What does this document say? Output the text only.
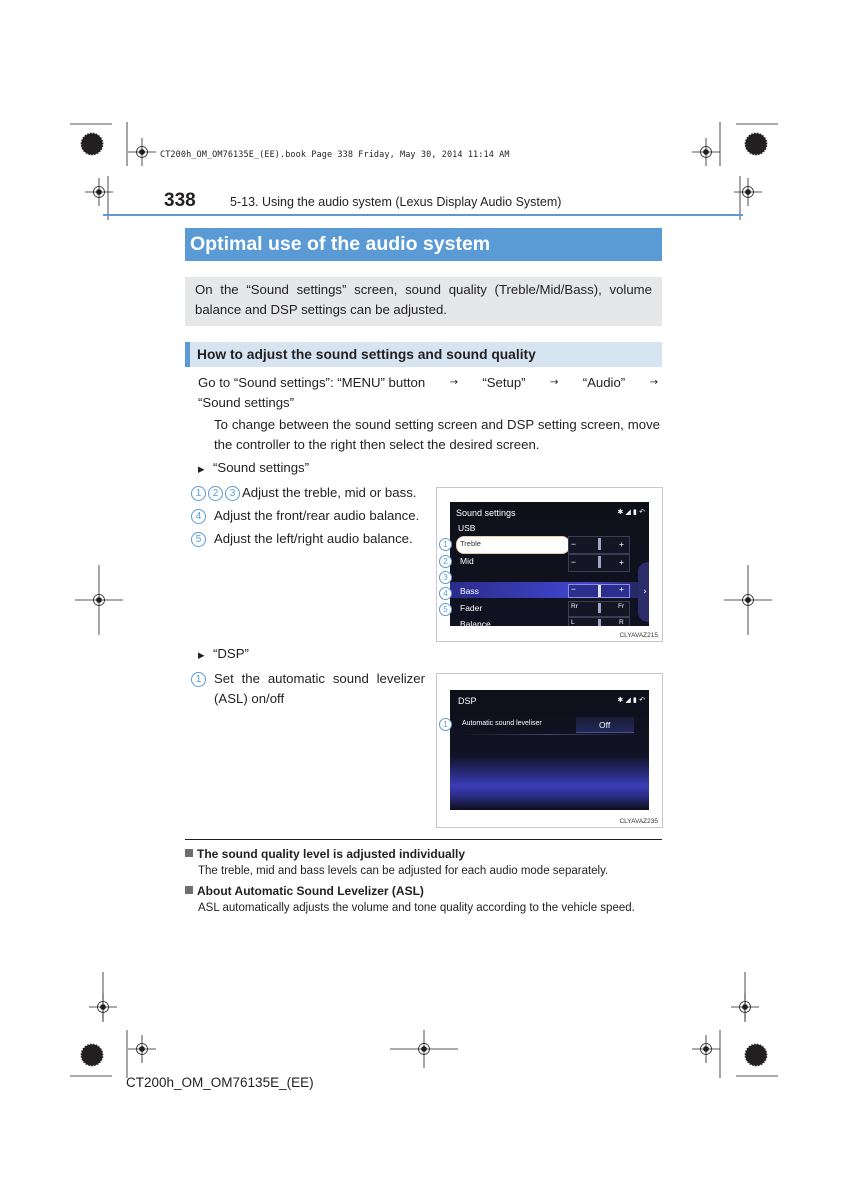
CT200h_OM_OM76135E_(EE).book Page 338 Friday, May 30, 2014 11:14 AM
338	5-13. Using the audio system (Lexus Display Audio System)
Optimal use of the audio system
On the “Sound settings” screen, sound quality (Treble/Mid/Bass), volume balance and DSP settings can be adjusted.
How to adjust the sound settings and sound quality
Go to “Sound settings”: “MENU” button → “Setup” → “Audio” →
“Sound settings”
To change between the sound setting screen and DSP setting screen, move the controller to the right then select the desired screen.
▶ “Sound settings”
1 2 3 Adjust the treble, mid or bass.
4 Adjust the front/rear audio balance.
5 Adjust the left/right audio balance.
Sound settings	✱ ◢ ▮ ↶
USB
Treble
Mid
Bass
Fader
Balance
−	+
−	+
−	+
Rr	Fr
L	R
›
1
2
3
4
5
CLYAVAZ215
▶ “DSP”
1 Set the automatic sound levelizer
(ASL) on/off	DSP	✱ ◢ ▮ ↶
Automatic sound leveliser	Off
1
CLYAVAZ235
The sound quality level is adjusted individually
The treble, mid and bass levels can be adjusted for each audio mode separately.
About Automatic Sound Levelizer (ASL)
ASL automatically adjusts the volume and tone quality according to the vehicle speed.
CT200h_OM_OM76135E_(EE)
